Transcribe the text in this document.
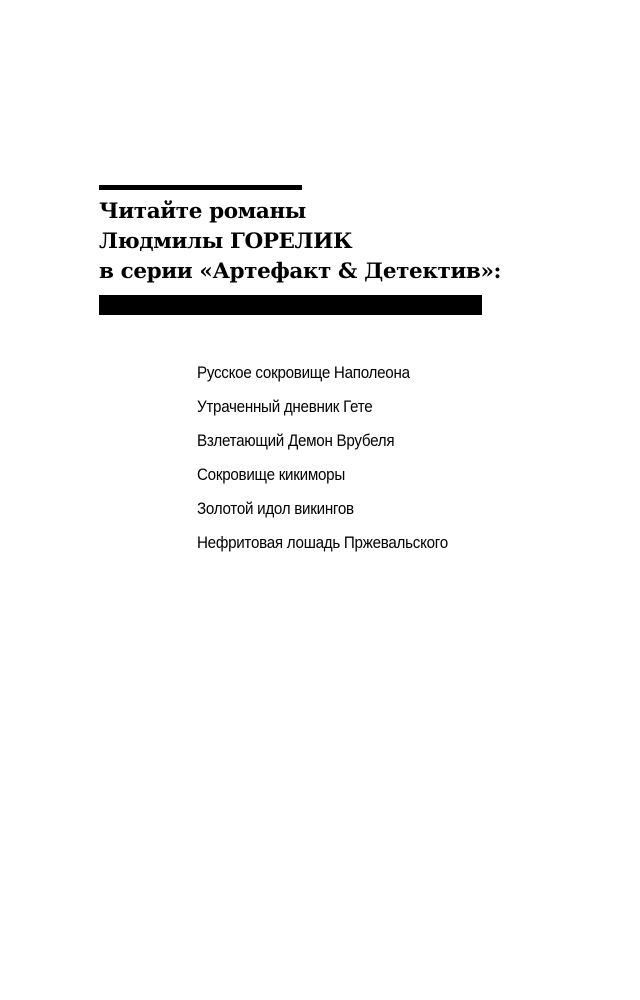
Читайте романы
Людмилы ГОРЕЛИК
в серии «Артефакт & Детектив»:
Русское сокровище Наполеона
Утраченный дневник Гете
Взлетающий Демон Врубеля
Сокровище кикиморы
Золотой идол викингов
Нефритовая лошадь Пржевальского
